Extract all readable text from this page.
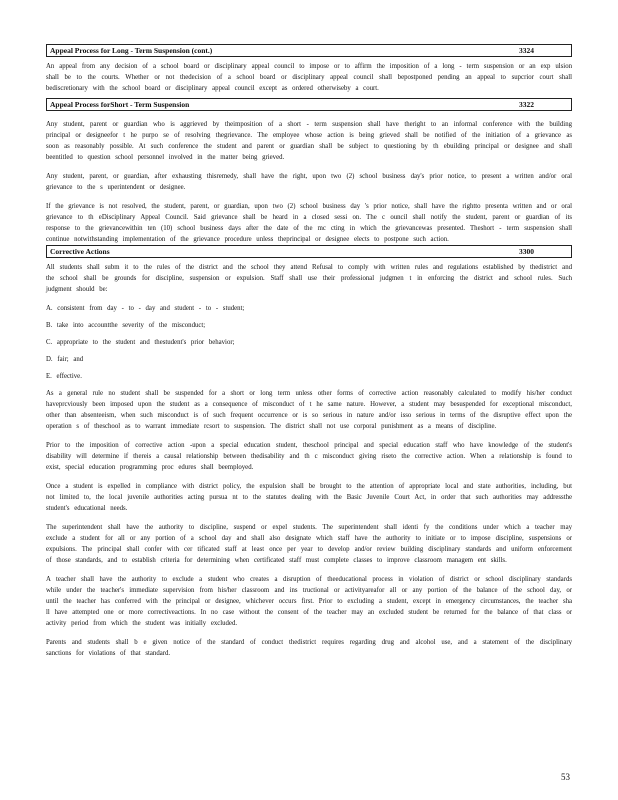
Appeal Process for Long - Term Suspension (cont.)	3324

An appeal from any decision of a school board or disciplinary appeal council to impose or to affirm the imposition of a long - term suspension or an exp ulsion shall be to the courts. Whether or not thedecision of a school board or disciplinary appeal council shall bepostponed pending an appeal to supcrior court shall bediscretionary with the school board or disciplinary appeal council except as ordered otherwiseby a court.

Appeal Process forShort - Term Suspension	3322

Any student, parent or guardian who is aggrieved by theimposition of a short - term suspension shall have theright to an informal conference with the building principal or designeefor t he purpo se of resolving thegrievance. The employee whose action is being grieved shall be notified of the initiation of a grievance as soon as reasonably possible. At such conference the student and parent or guardian shall be subject to questioning by th ebuilding principal or designee and shall beentitled to question school personnel involved in the matter being grieved.

Any student, parent, or guardian, after exhausting thisremedy, shall have the right, upon two (2) school business day's prior notice, to present a written and/or oral grievance to the s uperintendent or designee.

If the grievance is not resolved, the student, parent, or guardian, upon two (2) school business day 's prior notice, shall have the rightto presenta written and or oral grievance to th eDisciplinary Appeal Council. Said grievance shall be heard in a closed sessi on. The c ouncil shall notify the student, parent or guardian of its response to the grievancewithin ten (10) school business days after the date of the mc cting in which the grievancewas presented. Theshort - term suspension shall continue notwithstanding implementation of the grievance procedure unless theprincipal or designee elects to postpone such action.

Corrective Actions	3300

All students shall subm it to the rules of the district and the school they attend Refusal to comply with written rules and regulations established by thedistrict and the school shall be grounds for discipline, suspension or expulsion. Staff shall use their professional judgmen t in enforcing the district and school rules. Such judgment should be:

A. consistent from day - to - day and student - to - student;

B. take into accountthe severity of the misconduct;

C. appropriate to the student and thestudent's prior behavior;

D. fair; and

E. effective.

As a general rule no student shall be suspended for a short or long term unless other forms of corrective action reasonably calculated to modify his/her conduct haveprcviously been imposed upon the student as a consequence of misconduct of t he same nature. However, a student may besuspended for exceptional misconduct, other than absenteeism, when such misconduct is of such frequent occurrence or is so serious in nature and/or isso serious in terms of the disruptive effect upon the operation s of theschool as to warrant immediate rcsort to suspension. The district shall not use corporal punishment as a means of discipline.

Prior to the imposition of corrective action -upon a special education student, theschool principal and special education staff who have knowledge of the student's disability will determine if thereis a causal relationship between thedisability and th c misconduct giving riseto the corrective action. When a relationship is found to exist, special education programming proc edures shall beemployed.

Once a student is expelled in compliance with district policy, the expulsion shall be brought to the attention of appropriate local and state authorities, including, but not limited to, the local juvenile authorities acting pursua nt to the statutes dealing with the Basic Juvenile Court Act, in order that such authorities may addressthe student's educational needs.

The superintendent shall have the authority to discipline, suspend or expel students. The superintendent shall identi fy the conditions under which a teacher may exclude a student for all or any portion of a school day and shall also designate which staff have the authority to initiate or to impose discipline, suspensions or expulsions. The principal shall confer with cer tificated staff at least once per year to develop and/or review building disciplinary standards and uniform enforcement of those standards, and to establish criteria for determining when certificated staff must complete classes to improve classroom managem ent skills.

A teacher shall have the authority to exclude a student who creates a disruption of theeducational process in violation of district or school disciplinary standards while under the teacher's immediate supervision from his/her classroom and ins tructional or activityareafor all or any portion of the balance of the school day, or until the teacher has conferred with the principal or designee, whichever occurs first. Prior to excluding a student, except in emergency circumstances, the teacher sha ll have attempted one or more correctiveactions. In no case without the consent of the teacher may an excluded student be returned for the balance of that class or activity period from which the student was initially excluded.

Parents and students shall b e given notice of the standard of conduct thedistrict requires regarding drug and alcohol use, and a statement of the disciplinary sanctions for violations of that standard.

53
